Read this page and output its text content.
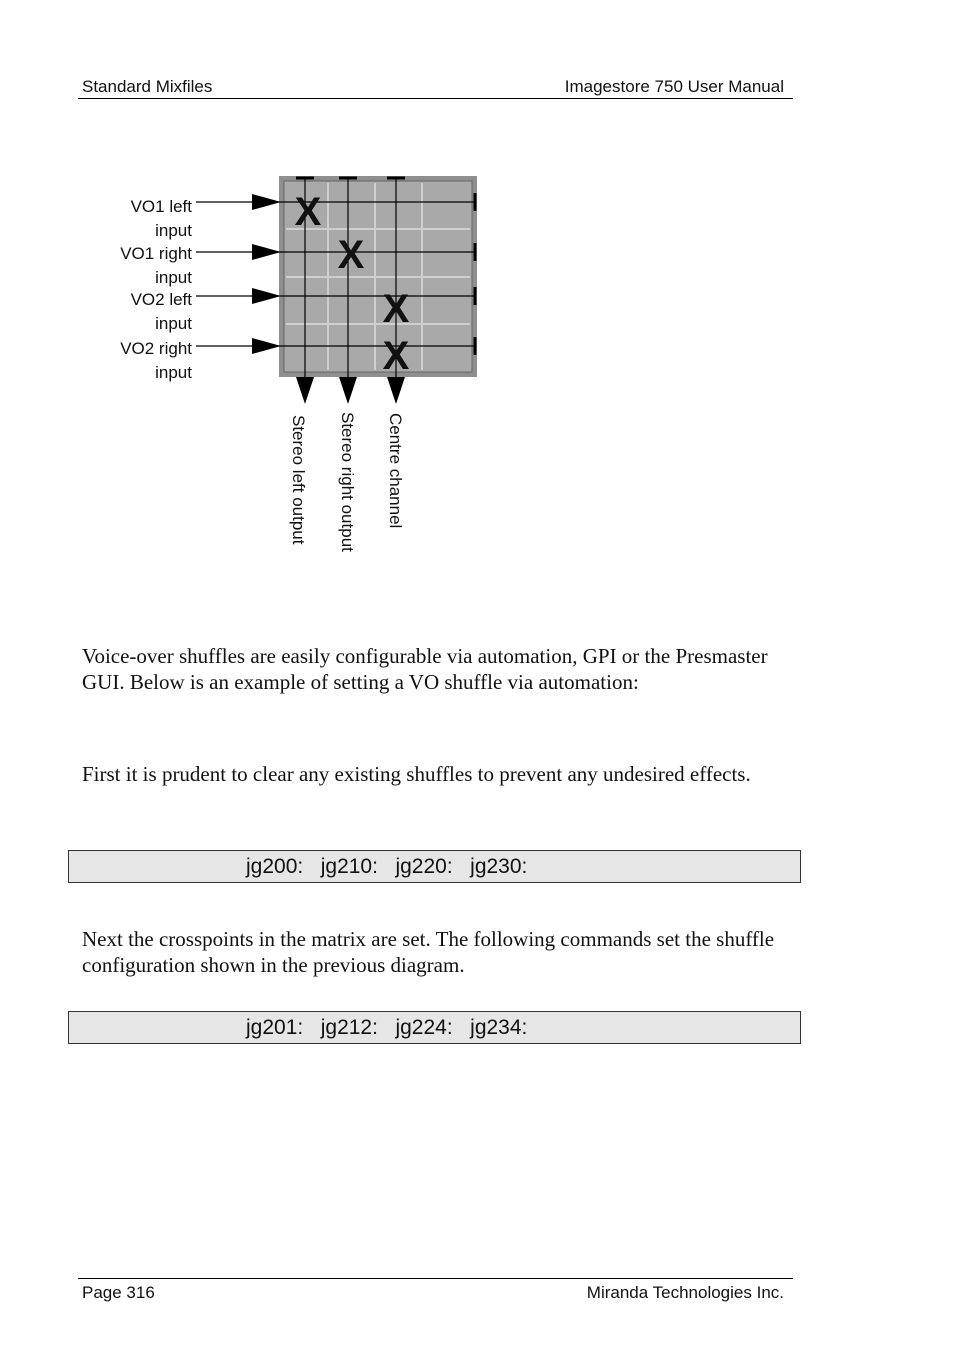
Standard Mixfiles	Imagestore 750 User Manual
X
X
X
X
VO1 left
input
VO1 right
input
VO2 left
input
VO2 right
input
Stereo left output Stereo right output Centre channel
Voice-over shuffles are easily configurable via automation, GPI or the Presmaster GUI. Below is an example of setting a VO shuffle via automation:
First it is prudent to clear any existing shuffles to prevent any undesired effects.
jg200:   jg210:   jg220:   jg230:
Next the crosspoints in the matrix are set. The following commands set the shuffle configuration shown in the previous diagram.
jg201:   jg212:   jg224:   jg234:
Page 316	Miranda Technologies Inc.
